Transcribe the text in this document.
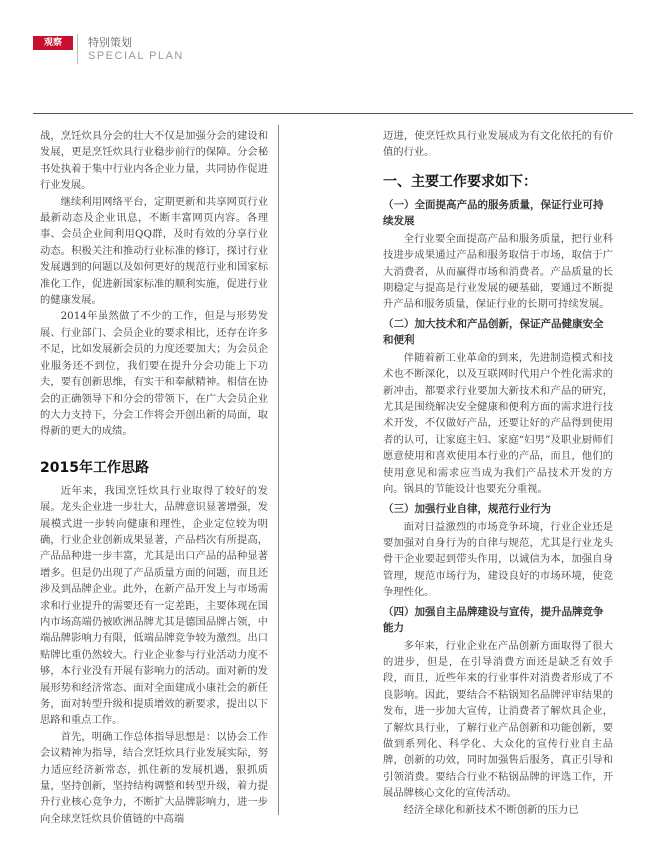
观察	特别策划
SPECIAL PLAN

战，烹饪炊具分会的壮大不仅是加强分会的建设和发展，更是烹饪炊具行业稳步前行的保障。分会秘书处执着于集中行业内各企业力量，共同协作促进行业发展。

继续利用网络平台，定期更新和共享网页行业最新动态及企业讯息，不断丰富网页内容。各理事、会员企业间利用QQ群，及时有效的分享行业动态。积极关注和推动行业标准的修订，探讨行业发展遇到的问题以及如何更好的规范行业和国家标准化工作，促进新国家标准的顺利实施，促进行业的健康发展。

2014年虽然做了不少的工作，但是与形势发展、行业部门、会员企业的要求相比，还存在许多不足，比如发展新会员的力度还要加大；为会员企业服务还不到位，我们要在提升分会功能上下功夫，要有创新思维，有实干和奉献精神。相信在协会的正确领导下和分会的带领下，在广大会员企业的大力支持下，分会工作将会开创出新的局面，取得新的更大的成绩。

2015年工作思路

近年来，我国烹饪炊具行业取得了较好的发展。龙头企业进一步壮大，品牌意识显著增强，发展模式进一步转向健康和理性，企业定位较为明确，行业企业创新成果显著，产品档次有所提高，产品品种进一步丰富，尤其是出口产品的品种显著增多。但是仍出现了产品质量方面的问题，而且还涉及到品牌企业。此外，在新产品开发上与市场需求和行业提升的需要还有一定差距，主要体现在国内市场高端仍被欧洲品牌尤其是德国品牌占领，中端品牌影响力有限，低端品牌竞争较为激烈。出口贴牌比重仍然较大。行业企业参与行业活动力度不够，本行业没有开展有影响力的活动。面对新的发展形势和经济常态、面对全面建成小康社会的新任务，面对转型升级和提质增效的新要求，提出以下思路和重点工作。

首先，明确工作总体指导思想是：以协会工作会议精神为指导，结合烹饪炊具行业发展实际，努力适应经济新常态，抓住新的发展机遇，狠抓质量，坚持创新，坚持结构调整和转型升级，着力提升行业核心竞争力，不断扩大品牌影响力，进一步向全球烹饪炊具价值链的中高端

迈进，使烹饪炊具行业发展成为有文化依托的有价值的行业。

一、主要工作要求如下：
（一）全面提高产品的服务质量，保证行业可持续发展

全行业要全面提高产品和服务质量，把行业科技进步成果通过产品和服务取信于市场，取信于广大消费者，从而赢得市场和消费者。产品质量的长期稳定与提高是行业发展的硬基础，要通过不断提升产品和服务质量，保证行业的长期可持续发展。

（二）加大技术和产品创新，保证产品健康安全和便利

伴随着新工业革命的到来，先进制造模式和技术也不断深化，以及互联网时代用户个性化需求的新冲击，都要求行业要加大新技术和产品的研究，尤其是围绕解决安全健康和便利方面的需求进行技术开发，不仅做好产品，还要让好的产品得到使用者的认可，让家庭主妇、家庭“妇男”及职业厨师们愿意使用和喜欢使用本行业的产品，而且，他们的使用意见和需求应当成为我们产品技术开发的方向。锅具的节能设计也要充分重视。

（三）加强行业自律，规范行业行为

面对日益激烈的市场竞争环境，行业企业还是要加强对自身行为的自律与规范，尤其是行业龙头骨干企业要起到带头作用，以诚信为本，加强自身管理，规范市场行为，建设良好的市场环境，使竞争理性化。

（四）加强自主品牌建设与宣传，提升品牌竞争能力

多年来，行业企业在产品创新方面取得了很大的进步，但是，在引导消费方面还是缺乏有效手段，而且，近些年来的行业事件对消费者形成了不良影响。因此，要结合不粘锅知名品牌评审结果的发布，进一步加大宣传，让消费者了解炊具企业，了解炊具行业，了解行业产品创新和功能创新，要做到系列化、科学化、大众化的宣传行业自主品牌，创新的功效，同时加强售后服务，真正引导和引领消费。要结合行业不粘锅品牌的评选工作，开展品牌核心文化的宣传活动。

经济全球化和新技术不断创新的压力已
